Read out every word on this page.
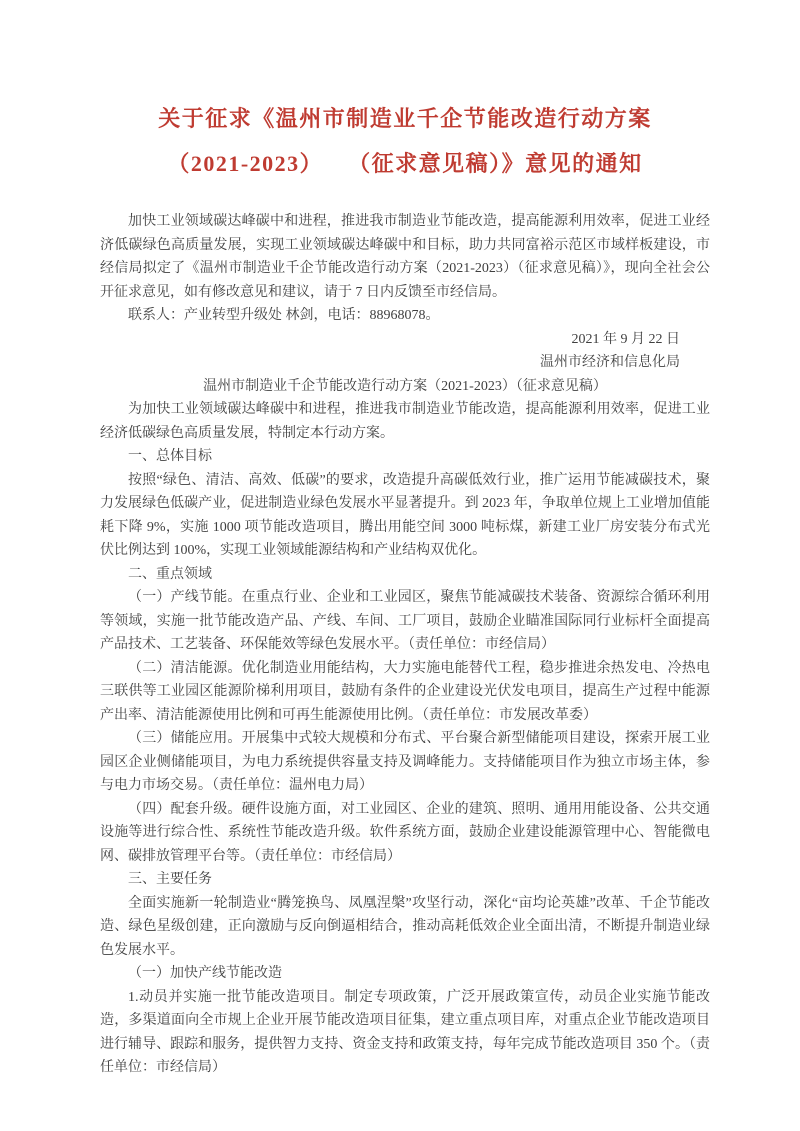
关于征求《温州市制造业千企节能改造行动方案
（2021-2023）　　（征求意见稿）》意见的通知

加快工业领域碳达峰碳中和进程，推进我市制造业节能改造，提高能源利用效率，促进工业经济低碳绿色高质量发展，实现工业领域碳达峰碳中和目标，助力共同富裕示范区市域样板建设，市经信局拟定了《温州市制造业千企节能改造行动方案（2021-2023）（征求意见稿）》，现向全社会公开征求意见，如有修改意见和建议，请于 7 日内反馈至市经信局。

联系人：产业转型升级处 林剑，电话：88968078。

2021 年 9 月 22 日

温州市经济和信息化局

温州市制造业千企节能改造行动方案（2021-2023）（征求意见稿）

为加快工业领域碳达峰碳中和进程，推进我市制造业节能改造，提高能源利用效率，促进工业经济低碳绿色高质量发展，特制定本行动方案。

一、总体目标

按照“绿色、清洁、高效、低碳”的要求，改造提升高碳低效行业，推广运用节能减碳技术，聚力发展绿色低碳产业，促进制造业绿色发展水平显著提升。到 2023 年，争取单位规上工业增加值能耗下降 9%，实施 1000 项节能改造项目，腾出用能空间 3000 吨标煤，新建工业厂房安装分布式光伏比例达到 100%，实现工业领域能源结构和产业结构双优化。

二、重点领域

（一）产线节能。在重点行业、企业和工业园区，聚焦节能减碳技术装备、资源综合循环利用等领域，实施一批节能改造产品、产线、车间、工厂项目，鼓励企业瞄准国际同行业标杆全面提高产品技术、工艺装备、环保能效等绿色发展水平。（责任单位：市经信局）

（二）清洁能源。优化制造业用能结构，大力实施电能替代工程，稳步推进余热发电、冷热电三联供等工业园区能源阶梯利用项目，鼓励有条件的企业建设光伏发电项目，提高生产过程中能源产出率、清洁能源使用比例和可再生能源使用比例。（责任单位：市发展改革委）

（三）储能应用。开展集中式较大规模和分布式、平台聚合新型储能项目建设，探索开展工业园区企业侧储能项目，为电力系统提供容量支持及调峰能力。支持储能项目作为独立市场主体，参与电力市场交易。（责任单位：温州电力局）

（四）配套升级。硬件设施方面，对工业园区、企业的建筑、照明、通用用能设备、公共交通设施等进行综合性、系统性节能改造升级。软件系统方面，鼓励企业建设能源管理中心、智能微电网、碳排放管理平台等。（责任单位：市经信局）

三、主要任务

全面实施新一轮制造业“腾笼换鸟、凤凰涅槃”攻坚行动，深化“亩均论英雄”改革、千企节能改造、绿色星级创建，正向激励与反向倒逼相结合，推动高耗低效企业全面出清，不断提升制造业绿色发展水平。

（一）加快产线节能改造

1.动员并实施一批节能改造项目。制定专项政策，广泛开展政策宣传，动员企业实施节能改造，多渠道面向全市规上企业开展节能改造项目征集，建立重点项目库，对重点企业节能改造项目进行辅导、跟踪和服务，提供智力支持、资金支持和政策支持，每年完成节能改造项目 350 个。（责任单位：市经信局）
